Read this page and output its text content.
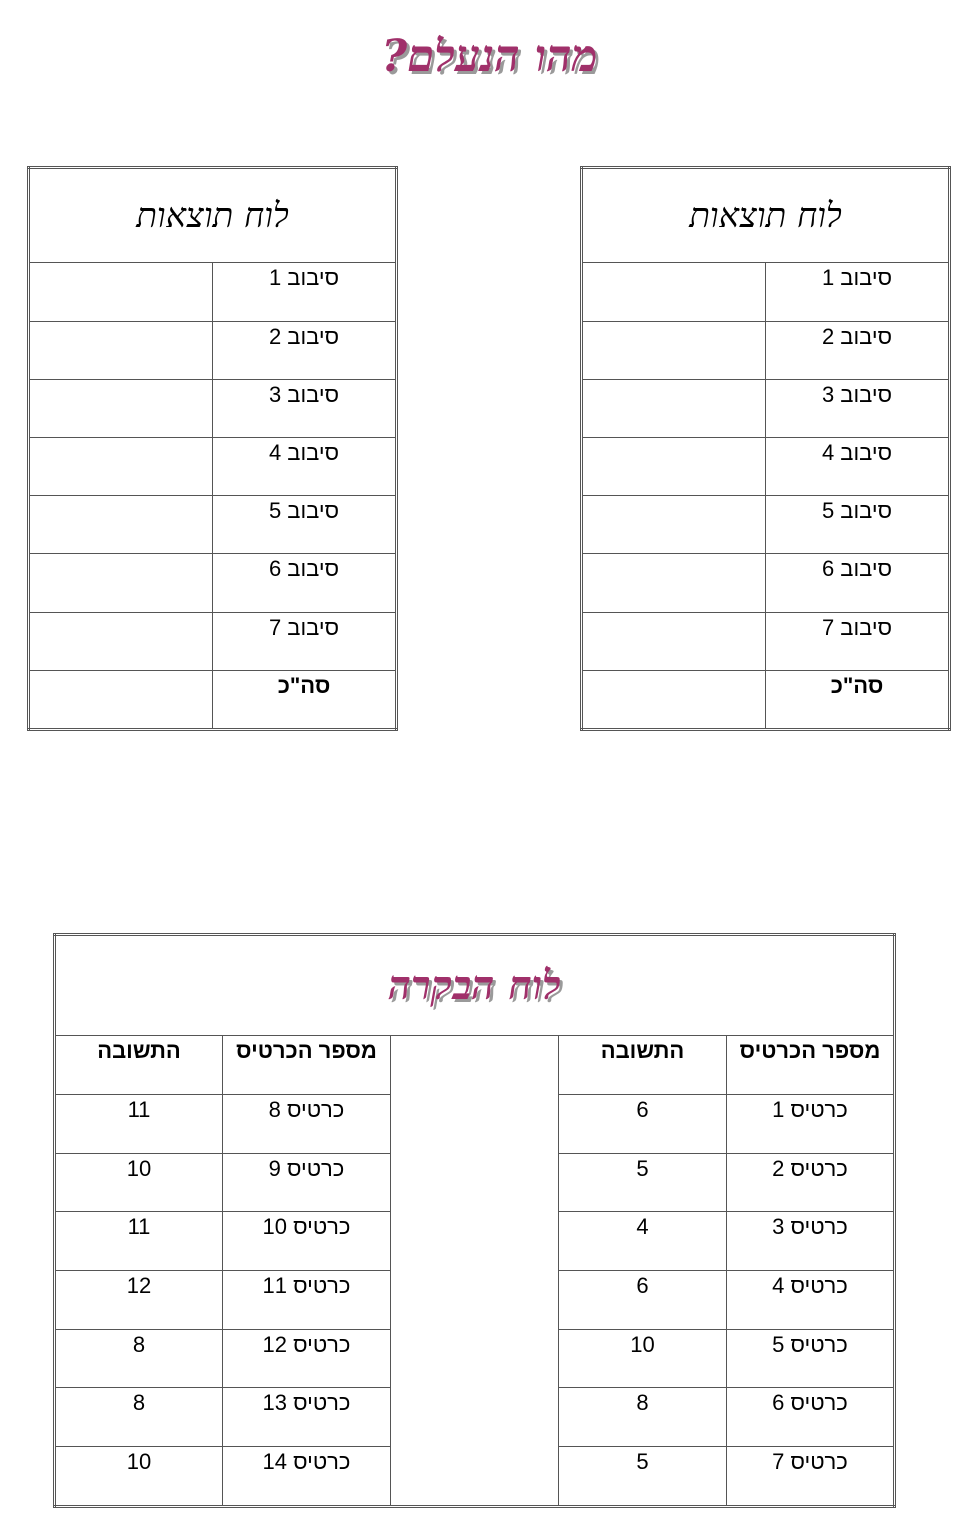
מהו הנעלם?
לוח תוצאות	
סיבוב 1	
סיבוב 2	
סיבוב 3	
סיבוב 4	
סיבוב 5	
סיבוב 6	
סיבוב 7	
סה"כ	
לוח תוצאות	
סיבוב 1	
סיבוב 2	
סיבוב 3	
סיבוב 4	
סיבוב 5	
סיבוב 6	
סיבוב 7	
סה"כ	
לוח הבקרה				
מספר הכרטיס	התשובה		מספר הכרטיס	התשובה
כרטיס 1	6		כרטיס 8	11
כרטיס 2	5		כרטיס 9	10
כרטיס 3	4		כרטיס 10	11
כרטיס 4	6		כרטיס 11	12
כרטיס 5	10		כרטיס 12	8
כרטיס 6	8		כרטיס 13	8
כרטיס 7	5		כרטיס 14	10
